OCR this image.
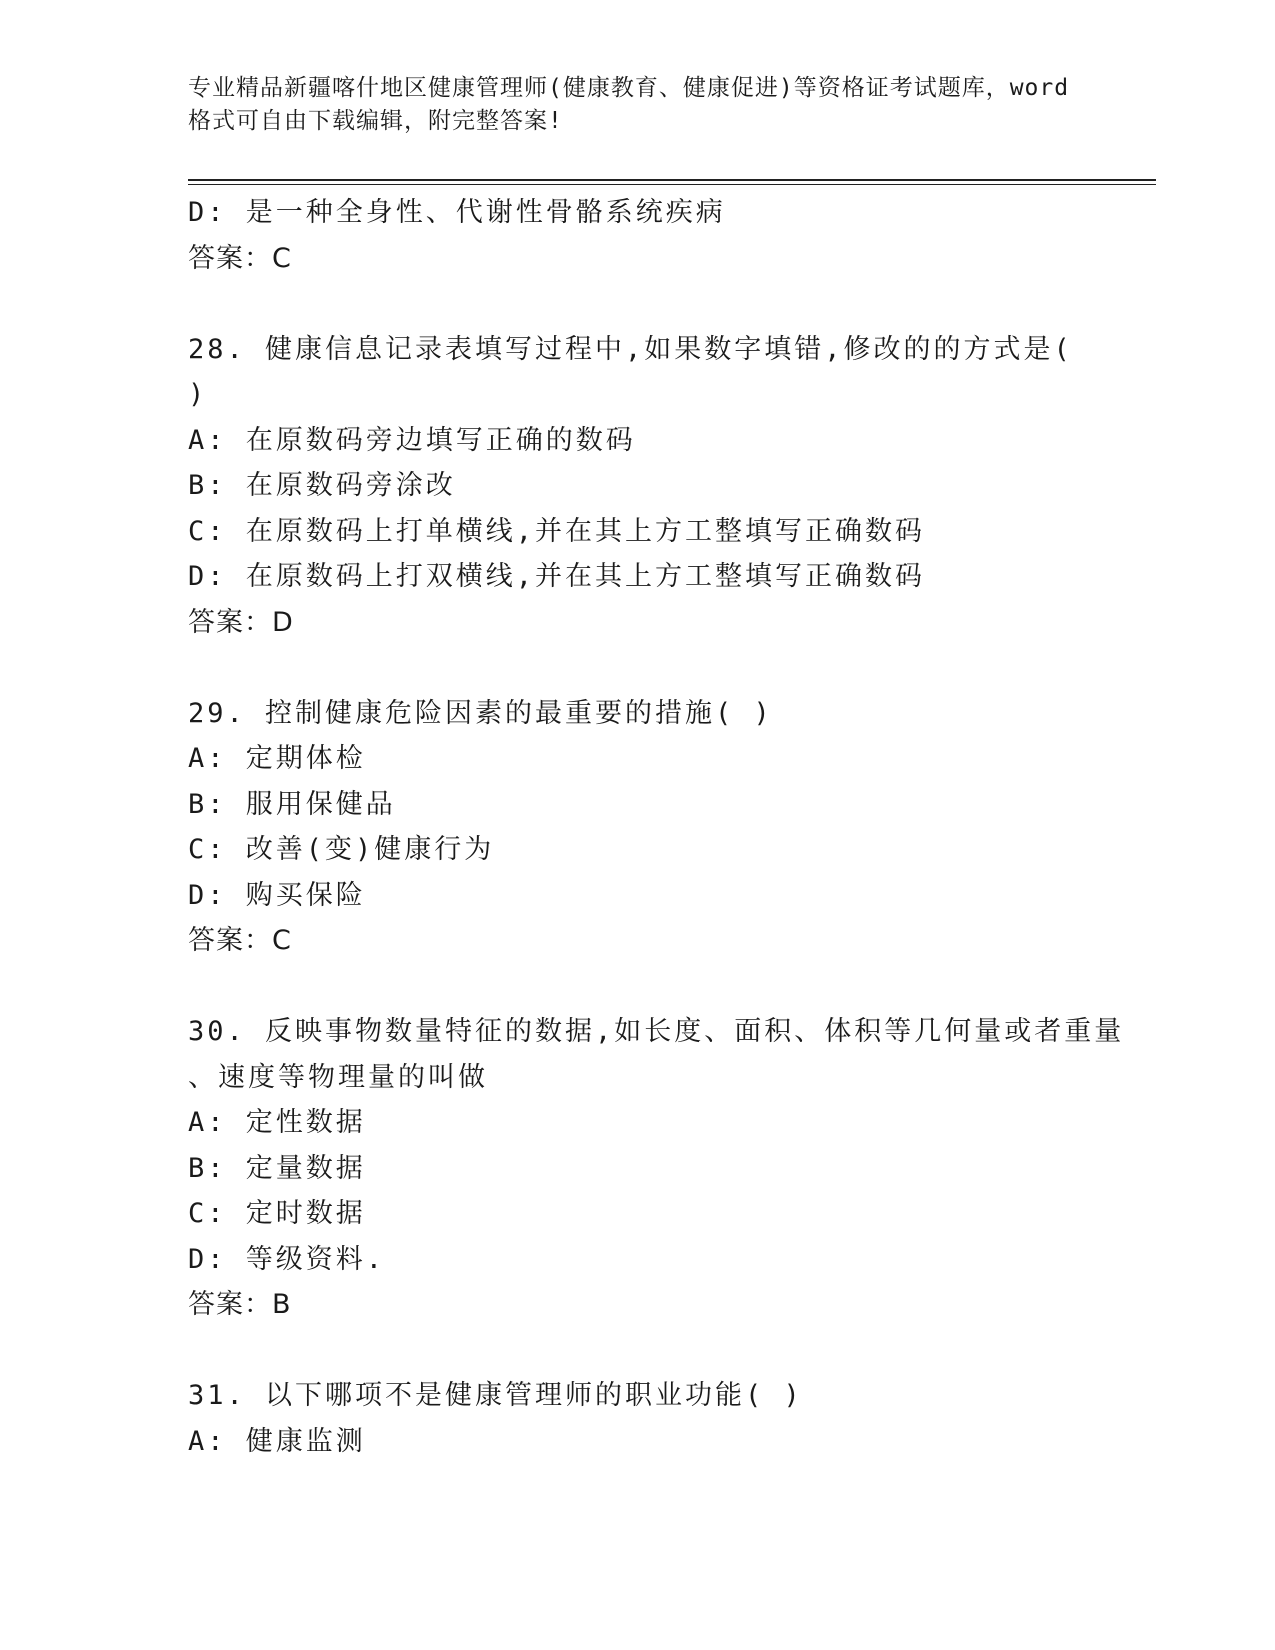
专业精品新疆喀什地区健康管理师(健康教育、健康促进)等资格证考试题库，word
格式可自由下载编辑，附完整答案!
D: 是一种全身性、代谢性骨骼系统疾病
答案：C
28. 健康信息记录表填写过程中,如果数字填错,修改的的方式是(
)
A: 在原数码旁边填写正确的数码
B: 在原数码旁涂改
C: 在原数码上打单横线,并在其上方工整填写正确数码
D: 在原数码上打双横线,并在其上方工整填写正确数码
答案：D
29. 控制健康危险因素的最重要的措施( )
A: 定期体检
B: 服用保健品
C: 改善(变)健康行为
D: 购买保险
答案：C
30. 反映事物数量特征的数据,如长度、面积、体积等几何量或者重量
、速度等物理量的叫做
A: 定性数据
B: 定量数据
C: 定时数据
D: 等级资料.
答案：B
31. 以下哪项不是健康管理师的职业功能( )
A: 健康监测
